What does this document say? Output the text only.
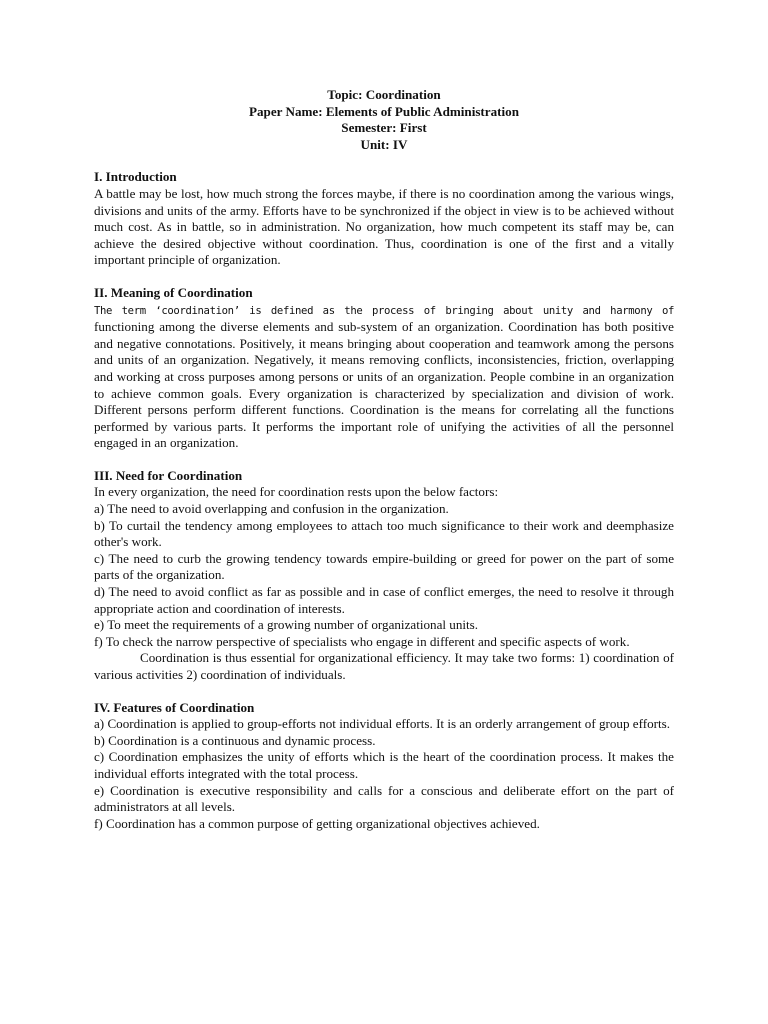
Topic: Coordination
Paper Name: Elements of Public Administration
Semester: First
Unit: IV
I. Introduction

A battle may be lost, how much strong the forces maybe, if there is no coordination among the various wings, divisions and units of the army. Efforts have to be synchronized if the object in view is to be achieved without much cost. As in battle, so in administration. No organization, how much competent its staff may be, can achieve the desired objective without coordination. Thus, coordination is one of the first and a vitally important principle of organization.

II. Meaning of Coordination

The term ‘coordination’ is defined as the process of bringing about unity and harmony of functioning among the diverse elements and sub-system of an organization. Coordination has both positive and negative connotations. Positively, it means bringing about cooperation and teamwork among the persons and units of an organization. Negatively, it means removing conflicts, inconsistencies, friction, overlapping and working at cross purposes among persons or units of an organization. People combine in an organization to achieve common goals. Every organization is characterized by specialization and division of work. Different persons perform different functions. Coordination is the means for correlating all the functions performed by various parts. It performs the important role of unifying the activities of all the personnel engaged in an organization.

III. Need for Coordination

In every organization, the need for coordination rests upon the below factors:

a) The need to avoid overlapping and confusion in the organization.

b) To curtail the tendency among employees to attach too much significance to their work and deemphasize other's work.

c) The need to curb the growing tendency towards empire-building or greed for power on the part of some parts of the organization.

d) The need to avoid conflict as far as possible and in case of conflict emerges, the need to resolve it through appropriate action and coordination of interests.

e) To meet the requirements of a growing number of organizational units.

f) To check the narrow perspective of specialists who engage in different and specific aspects of work.

Coordination is thus essential for organizational efficiency. It may take two forms: 1) coordination of various activities 2) coordination of individuals.

IV. Features of Coordination

a) Coordination is applied to group-efforts not individual efforts. It is an orderly arrangement of group efforts.

b) Coordination is a continuous and dynamic process.

c) Coordination emphasizes the unity of efforts which is the heart of the coordination process. It makes the individual efforts integrated with the total process.

e) Coordination is executive responsibility and calls for a conscious and deliberate effort on the part of administrators at all levels.

f) Coordination has a common purpose of getting organizational objectives achieved.
